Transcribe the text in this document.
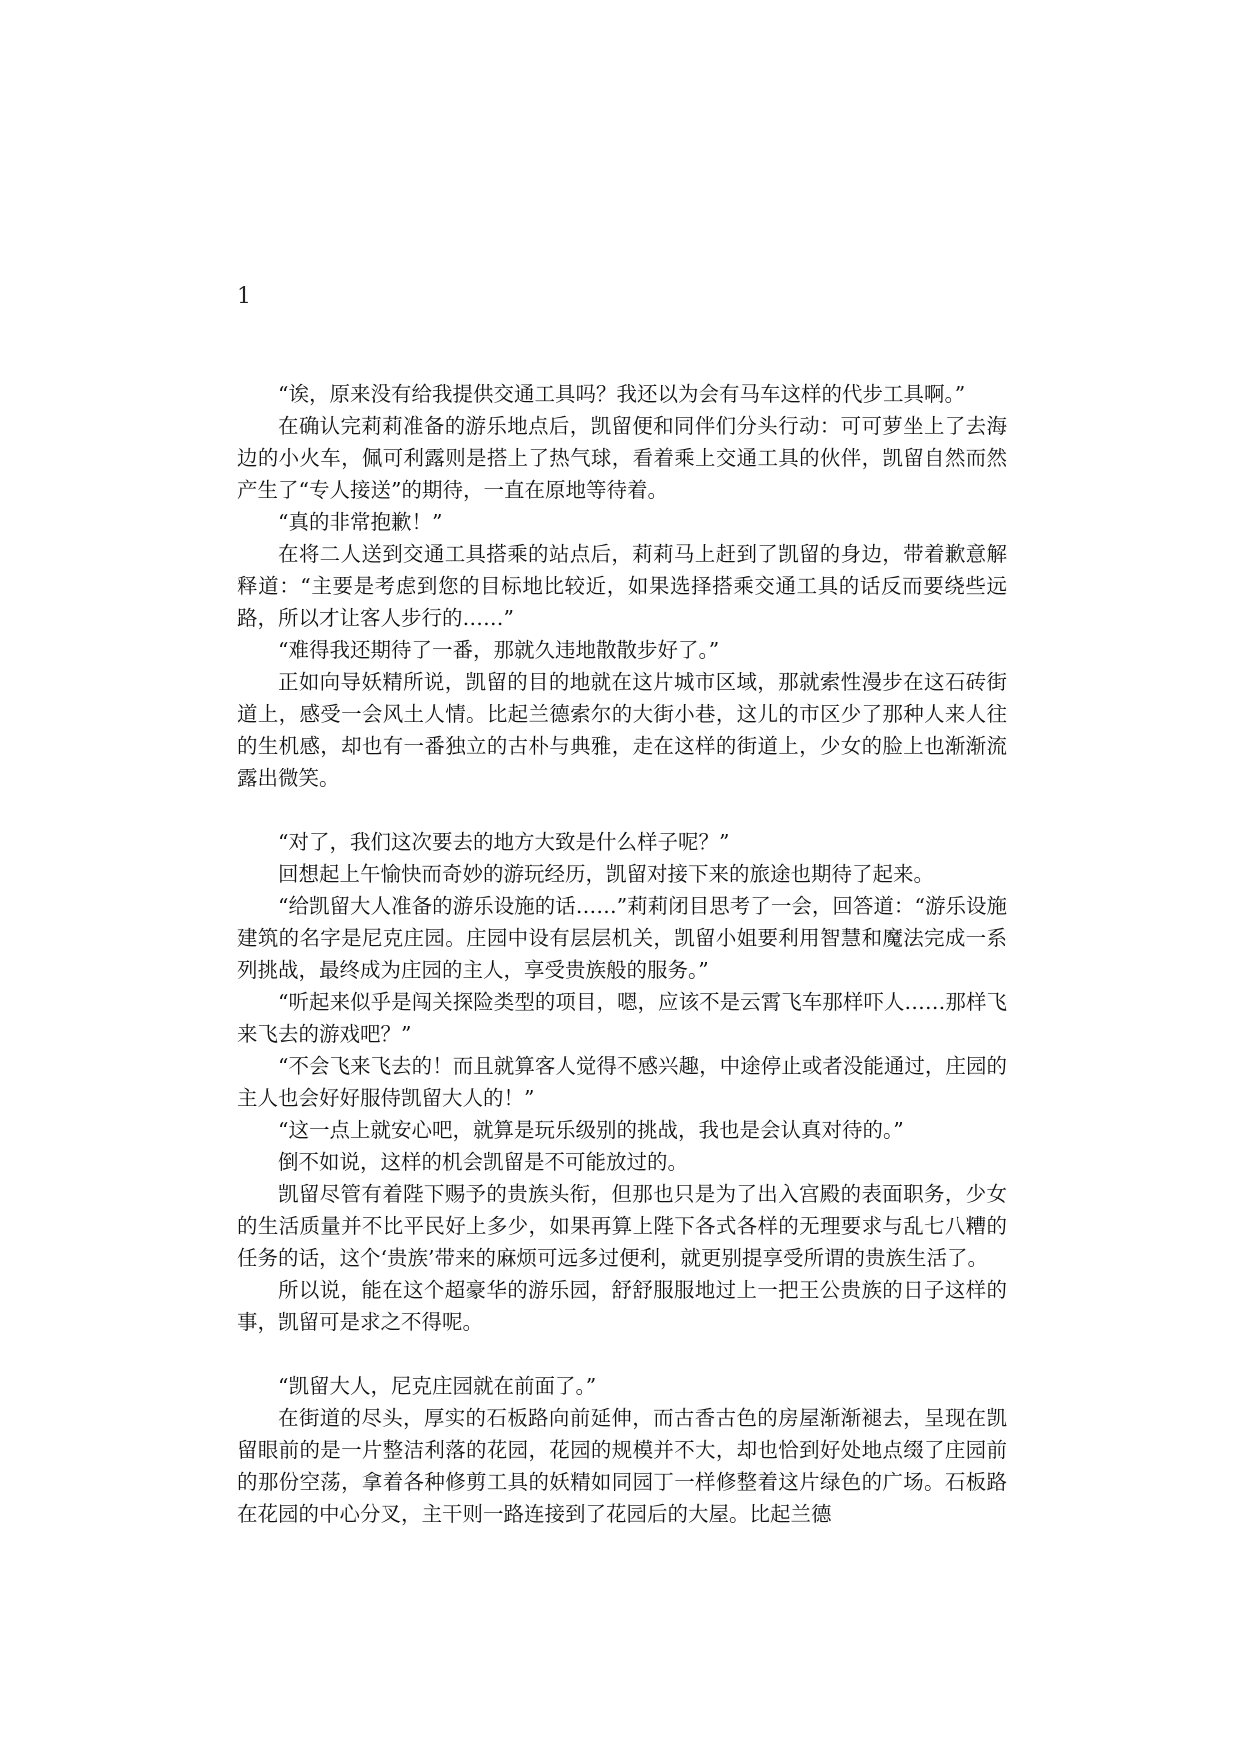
1

“诶，原来没有给我提供交通工具吗？我还以为会有马车这样的代步工具啊。”

在确认完莉莉准备的游乐地点后，凯留便和同伴们分头行动：可可萝坐上了去海边的小火车，佩可利露则是搭上了热气球，看着乘上交通工具的伙伴，凯留自然而然产生了“专人接送”的期待，一直在原地等待着。

“真的非常抱歉！”

在将二人送到交通工具搭乘的站点后，莉莉马上赶到了凯留的身边，带着歉意解释道：“主要是考虑到您的目标地比较近，如果选择搭乘交通工具的话反而要绕些远路，所以才让客人步行的……”

“难得我还期待了一番，那就久违地散散步好了。”

正如向导妖精所说，凯留的目的地就在这片城市区域，那就索性漫步在这石砖街道上，感受一会风土人情。比起兰德索尔的大街小巷，这儿的市区少了那种人来人往的生机感，却也有一番独立的古朴与典雅，走在这样的街道上，少女的脸上也渐渐流露出微笑。

“对了，我们这次要去的地方大致是什么样子呢？”

回想起上午愉快而奇妙的游玩经历，凯留对接下来的旅途也期待了起来。

“给凯留大人准备的游乐设施的话……”莉莉闭目思考了一会，回答道：“游乐设施建筑的名字是尼克庄园。庄园中设有层层机关，凯留小姐要利用智慧和魔法完成一系列挑战，最终成为庄园的主人，享受贵族般的服务。”

“听起来似乎是闯关探险类型的项目，嗯，应该不是云霄飞车那样吓人……那样飞来飞去的游戏吧？”

“不会飞来飞去的！而且就算客人觉得不感兴趣，中途停止或者没能通过，庄园的主人也会好好服侍凯留大人的！”

“这一点上就安心吧，就算是玩乐级别的挑战，我也是会认真对待的。”

倒不如说，这样的机会凯留是不可能放过的。

凯留尽管有着陛下赐予的贵族头衔，但那也只是为了出入宫殿的表面职务，少女的生活质量并不比平民好上多少，如果再算上陛下各式各样的无理要求与乱七八糟的任务的话，这个‘贵族’带来的麻烦可远多过便利，就更别提享受所谓的贵族生活了。

所以说，能在这个超豪华的游乐园，舒舒服服地过上一把王公贵族的日子这样的事，凯留可是求之不得呢。

“凯留大人，尼克庄园就在前面了。”

在街道的尽头，厚实的石板路向前延伸，而古香古色的房屋渐渐褪去，呈现在凯留眼前的是一片整洁利落的花园，花园的规模并不大，却也恰到好处地点缀了庄园前的那份空荡，拿着各种修剪工具的妖精如同园丁一样修整着这片绿色的广场。石板路在花园的中心分叉，主干则一路连接到了花园后的大屋。比起兰德
